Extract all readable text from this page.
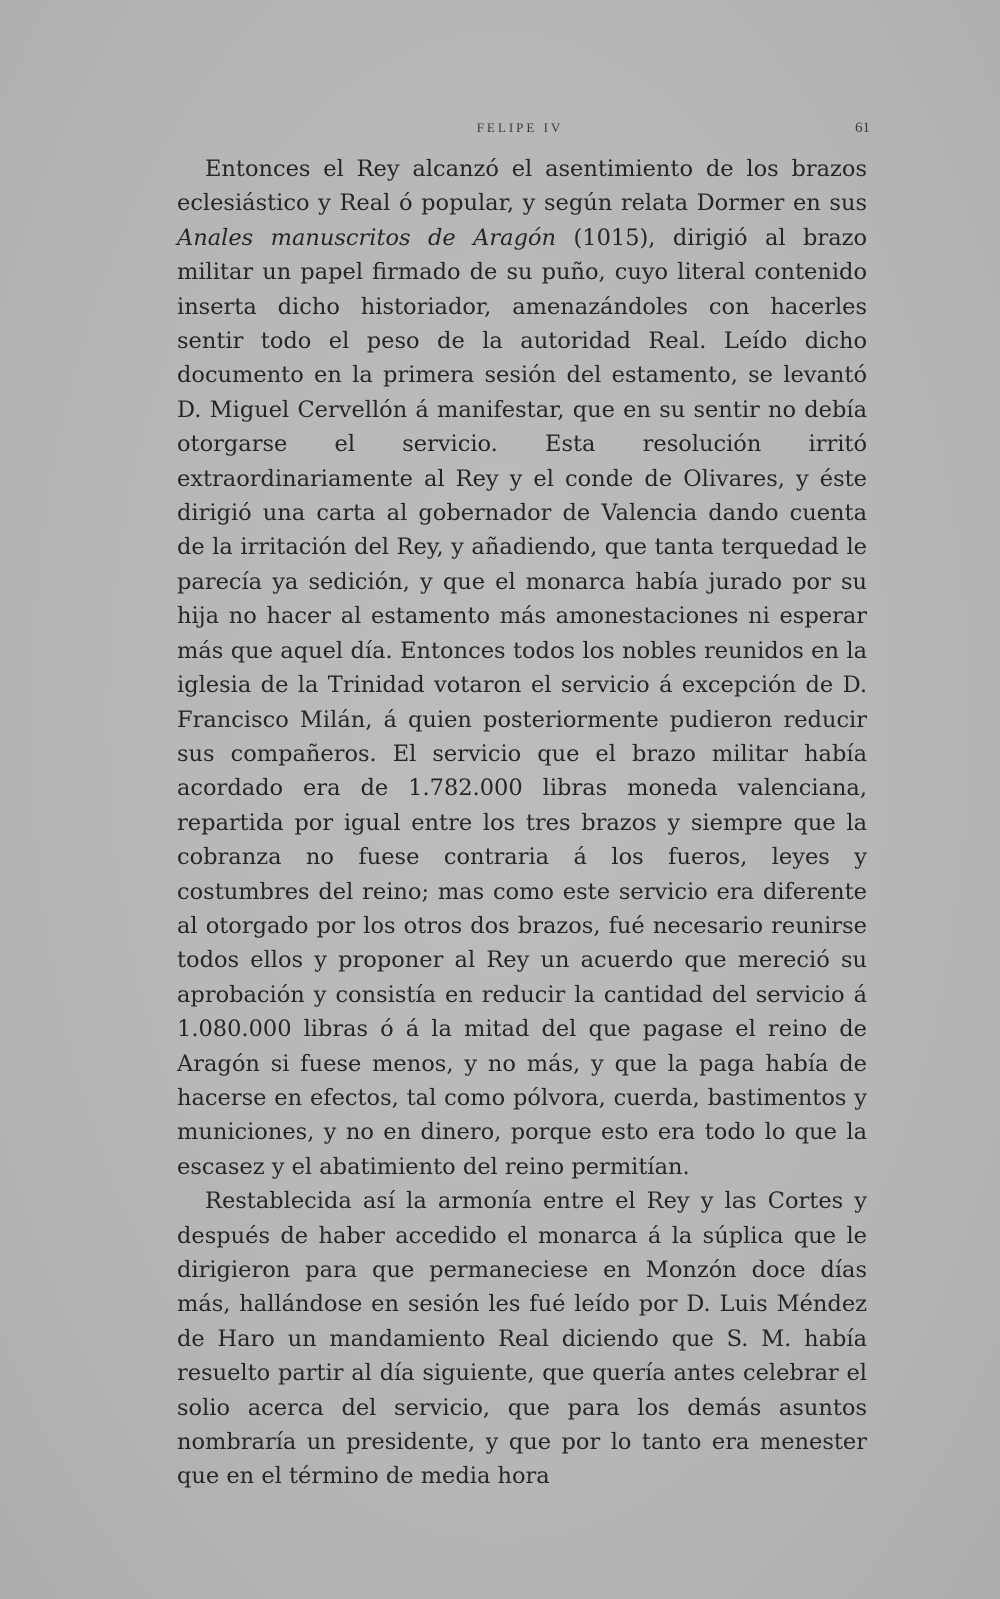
FELIPE IV	61

Entonces el Rey alcanzó el asentimiento de los brazos eclesiástico y Real ó popular, y según relata Dormer en sus Anales manuscritos de Aragón (1015), dirigió al brazo militar un papel firmado de su puño, cuyo literal contenido inserta dicho historiador, amenazándoles con hacerles sentir todo el peso de la autoridad Real. Leído dicho documento en la primera sesión del estamento, se levantó D. Miguel Cervellón á manifestar, que en su sentir no debía otorgarse el servicio. Esta resolución irritó extraordinariamente al Rey y el conde de Olivares, y éste dirigió una carta al gobernador de Valencia dando cuenta de la irritación del Rey, y añadiendo, que tanta terquedad le parecía ya sedición, y que el monarca había jurado por su hija no hacer al estamento más amonestaciones ni esperar más que aquel día. Entonces todos los nobles reunidos en la iglesia de la Trinidad votaron el servicio á excepción de D. Francisco Milán, á quien posteriormente pudieron reducir sus compañeros. El servicio que el brazo militar había acordado era de 1.782.000 libras moneda valenciana, repartida por igual entre los tres brazos y siempre que la cobranza no fuese contraria á los fueros, leyes y costumbres del reino; mas como este servicio era diferente al otorgado por los otros dos brazos, fué necesario reunirse todos ellos y proponer al Rey un acuerdo que mereció su aprobación y consistía en reducir la cantidad del servicio á 1.080.000 libras ó á la mitad del que pagase el reino de Aragón si fuese menos, y no más, y que la paga había de hacerse en efectos, tal como pólvora, cuerda, bastimentos y municiones, y no en dinero, porque esto era todo lo que la escasez y el abatimiento del reino permitían.

Restablecida así la armonía entre el Rey y las Cortes y después de haber accedido el monarca á la súplica que le dirigieron para que permaneciese en Monzón doce días más, hallándose en sesión les fué leído por D. Luis Méndez de Haro un mandamiento Real diciendo que S. M. había resuelto partir al día siguiente, que quería antes celebrar el solio acerca del servicio, que para los demás asuntos nombraría un presidente, y que por lo tanto era menester que en el término de media hora
